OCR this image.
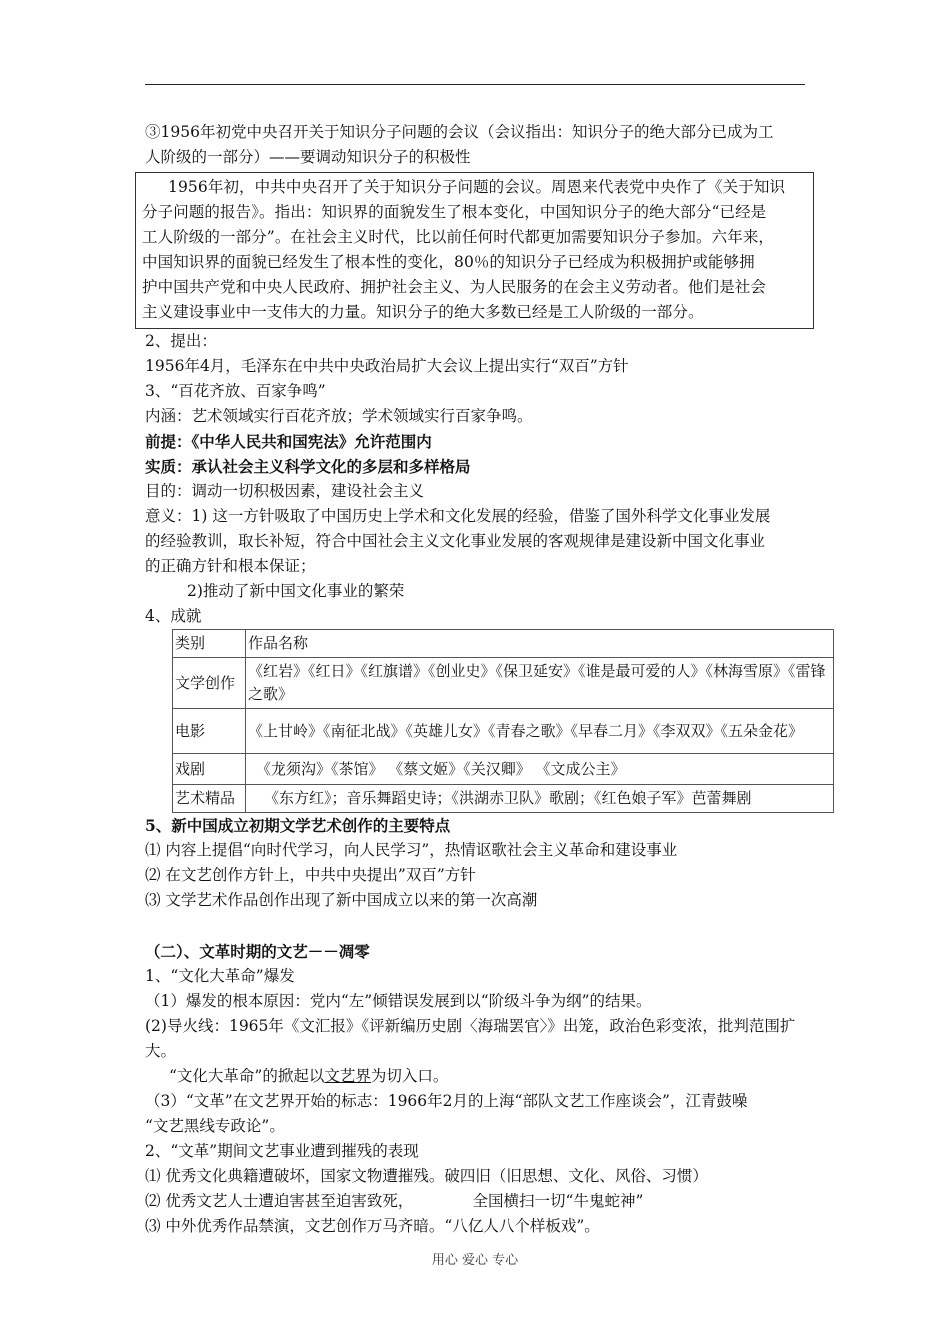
③1956年初党中央召开关于知识分子问题的会议（会议指出：知识分子的绝大部分已成为工
人阶级的一部分）——要调动知识分子的积极性
1956年初，中共中央召开了关于知识分子问题的会议。周恩来代表党中央作了《关于知识
分子问题的报告》。指出：知识界的面貌发生了根本变化，中国知识分子的绝大部分“已经是
工人阶级的一部分”。在社会主义时代，比以前任何时代都更加需要知识分子参加。六年来，
中国知识界的面貌已经发生了根本性的变化，80％的知识分子已经成为积极拥护或能够拥
护中国共产党和中央人民政府、拥护社会主义、为人民服务的在会主义劳动者。他们是社会
主义建设事业中一支伟大的力量。知识分子的绝大多数已经是工人阶级的一部分。
2、提出：
1956年4月，毛泽东在中共中央政治局扩大会议上提出实行“双百”方针
3、“百花齐放、百家争鸣”
内涵：艺术领域实行百花齐放；学术领域实行百家争鸣。
前提：《中华人民共和国宪法》允许范围内
实质：承认社会主义科学文化的多层和多样格局
目的：调动一切积极因素，建设社会主义
意义：1) 这一方针吸取了中国历史上学术和文化发展的经验，借鉴了国外科学文化事业发展
的经验教训，取长补短，符合中国社会主义文化事业发展的客观规律是建设新中国文化事业
的正确方针和根本保证；
2)推动了新中国文化事业的繁荣
4、成就
类别	作品名称
文学创作	《红岩》《红日》《红旗谱》《创业史》《保卫延安》《谁是最可爱的人》《林海雪原》《雷锋之歌》
电影	《上甘岭》《南征北战》《英雄儿女》《青春之歌》《早春二月》《李双双》《五朵金花》
戏剧	《龙须沟》《茶馆》 《蔡文姬》《关汉卿》 《文成公主》
艺术精品	《东方红》；音乐舞蹈史诗；《洪湖赤卫队》歌剧；《红色娘子军》芭蕾舞剧
5、新中国成立初期文学艺术创作的主要特点
⑴ 内容上提倡“向时代学习，向人民学习”，热情讴歌社会主义革命和建设事业
⑵ 在文艺创作方针上，中共中央提出”双百”方针
⑶ 文学艺术作品创作出现了新中国成立以来的第一次高潮
（二）、文革时期的文艺－－凋零
1、“文化大革命”爆发
（1）爆发的根本原因：党内“左”倾错误发展到以“阶级斗争为纲”的结果。
(2)导火线：1965年《文汇报》《评新编历史剧〈海瑞罢官〉》出笼，政治色彩变浓，批判范围扩
大。
“文化大革命”的掀起以文艺界为切入口。
（3）“文革”在文艺界开始的标志：1966年2月的上海“部队文艺工作座谈会”，江青鼓噪
“文艺黑线专政论”。
2、“文革”期间文艺事业遭到摧残的表现
⑴ 优秀文化典籍遭破坏，国家文物遭摧残。破四旧（旧思想、文化、风俗、习惯）
⑵ 优秀文艺人士遭迫害甚至迫害致死，            全国横扫一切“牛鬼蛇神”
⑶ 中外优秀作品禁演，文艺创作万马齐暗。“八亿人八个样板戏”。
用心 爱心 专心
